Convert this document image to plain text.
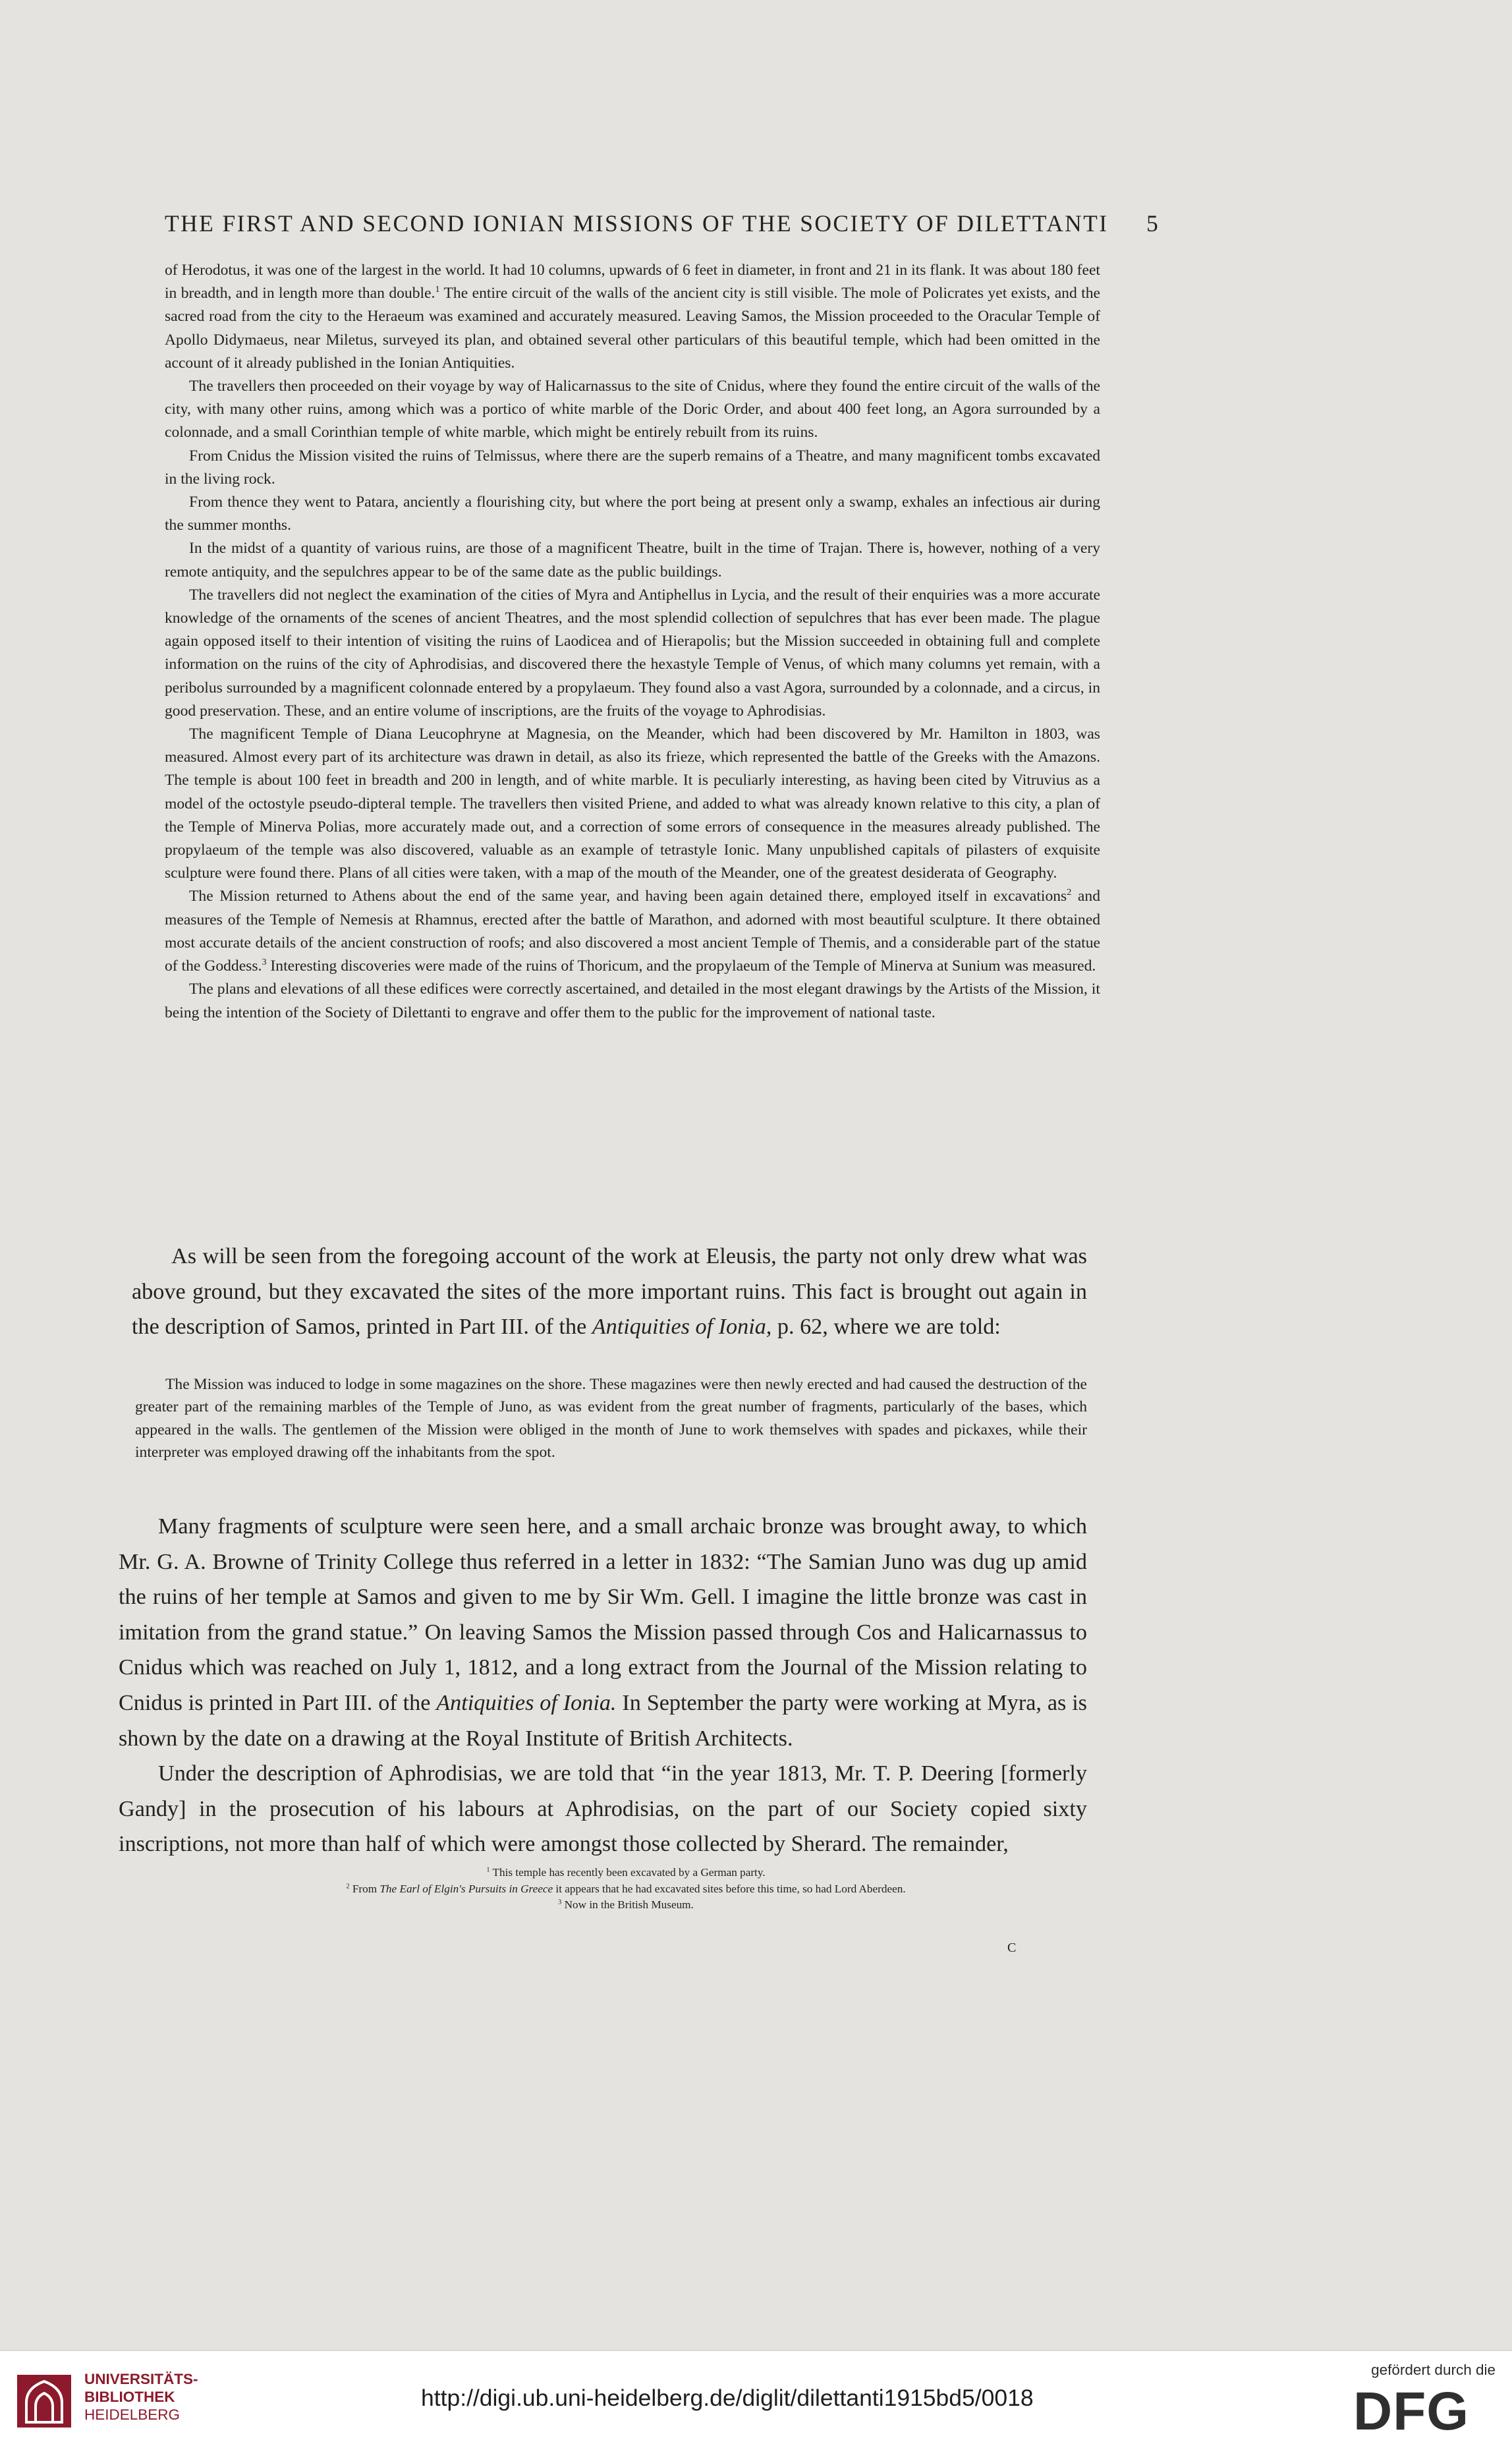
THE FIRST AND SECOND IONIAN MISSIONS OF THE SOCIETY OF DILETTANTI 5

of Herodotus, it was one of the largest in the world. It had 10 columns, upwards of 6 feet in diameter, in front and 21 in its flank. It was about 180 feet in breadth, and in length more than double.$^1$ The entire circuit of the walls of the ancient city is still visible. The mole of Policrates yet exists, and the sacred road from the city to the Heraeum was examined and accurately measured. Leaving Samos, the Mission proceeded to the Oracular Temple of Apollo Didymaeus, near Miletus, surveyed its plan, and obtained several other particulars of this beautiful temple, which had been omitted in the account of it already published in the Ionian Antiquities.

The travellers then proceeded on their voyage by way of Halicarnassus to the site of Cnidus, where they found the entire circuit of the walls of the city, with many other ruins, among which was a portico of white marble of the Doric Order, and about 400 feet long, an Agora surrounded by a colonnade, and a small Corinthian temple of white marble, which might be entirely rebuilt from its ruins.

From Cnidus the Mission visited the ruins of Telmissus, where there are the superb remains of a Theatre, and many magnificent tombs excavated in the living rock.

From thence they went to Patara, anciently a flourishing city, but where the port being at present only a swamp, exhales an infectious air during the summer months.

In the midst of a quantity of various ruins, are those of a magnificent Theatre, built in the time of Trajan. There is, however, nothing of a very remote antiquity, and the sepulchres appear to be of the same date as the public buildings.

The travellers did not neglect the examination of the cities of Myra and Antiphellus in Lycia, and the result of their enquiries was a more accurate knowledge of the ornaments of the scenes of ancient Theatres, and the most splendid collection of sepulchres that has ever been made. The plague again opposed itself to their intention of visiting the ruins of Laodicea and of Hierapolis; but the Mission succeeded in obtaining full and complete information on the ruins of the city of Aphrodisias, and discovered there the hexastyle Temple of Venus, of which many columns yet remain, with a peribolus surrounded by a magnificent colonnade entered by a propylaeum. They found also a vast Agora, surrounded by a colonnade, and a circus, in good preservation. These, and an entire volume of inscriptions, are the fruits of the voyage to Aphrodisias.

The magnificent Temple of Diana Leucophryne at Magnesia, on the Meander, which had been discovered by Mr. Hamilton in 1803, was measured. Almost every part of its architecture was drawn in detail, as also its frieze, which represented the battle of the Greeks with the Amazons. The temple is about 100 feet in breadth and 200 in length, and of white marble. It is peculiarly interesting, as having been cited by Vitruvius as a model of the octostyle pseudo-dipteral temple. The travellers then visited Priene, and added to what was already known relative to this city, a plan of the Temple of Minerva Polias, more accurately made out, and a correction of some errors of consequence in the measures already published. The propylaeum of the temple was also discovered, valuable as an example of tetrastyle Ionic. Many unpublished capitals of pilasters of exquisite sculpture were found there. Plans of all cities were taken, with a map of the mouth of the Meander, one of the greatest desiderata of Geography.

The Mission returned to Athens about the end of the same year, and having been again detained there, employed itself in excavations$^2$ and measures of the Temple of Nemesis at Rhamnus, erected after the battle of Marathon, and adorned with most beautiful sculpture. It there obtained most accurate details of the ancient construction of roofs; and also discovered a most ancient Temple of Themis, and a considerable part of the statue of the Goddess.$^3$ Interesting discoveries were made of the ruins of Thoricum, and the propylaeum of the Temple of Minerva at Sunium was measured.

The plans and elevations of all these edifices were correctly ascertained, and detailed in the most elegant drawings by the Artists of the Mission, it being the intention of the Society of Dilettanti to engrave and offer them to the public for the improvement of national taste.

As will be seen from the foregoing account of the work at Eleusis, the party not only drew what was above ground, but they excavated the sites of the more important ruins. This fact is brought out again in the description of Samos, printed in Part III. of the Antiquities of Ionia, p. 62, where we are told:

The Mission was induced to lodge in some magazines on the shore. These magazines were then newly erected and had caused the destruction of the greater part of the remaining marbles of the Temple of Juno, as was evident from the great number of fragments, particularly of the bases, which appeared in the walls. The gentlemen of the Mission were obliged in the month of June to work themselves with spades and pickaxes, while their interpreter was employed drawing off the inhabitants from the spot.

Many fragments of sculpture were seen here, and a small archaic bronze was brought away, to which Mr. G. A. Browne of Trinity College thus referred in a letter in 1832: “The Samian Juno was dug up amid the ruins of her temple at Samos and given to me by Sir Wm. Gell. I imagine the little bronze was cast in imitation from the grand statue.” On leaving Samos the Mission passed through Cos and Halicarnassus to Cnidus which was reached on July 1, 1812, and a long extract from the Journal of the Mission relating to Cnidus is printed in Part III. of the Antiquities of Ionia. In September the party were working at Myra, as is shown by the date on a drawing at the Royal Institute of British Architects.

Under the description of Aphrodisias, we are told that “in the year 1813, Mr. T. P. Deering [formerly Gandy] in the prosecution of his labours at Aphrodisias, on the part of our Society copied sixty inscriptions, not more than half of which were amongst those collected by Sherard. The remainder,

$^1$ This temple has recently been excavated by a German party.
$^2$ From The Earl of Elgin's Pursuits in Greece it appears that he had excavated sites before this time, so had Lord Aberdeen.
$^3$ Now in the British Museum.
C
UNIVERSITÄTS-
BIBLIOTHEK
HEIDELBERG
http://digi.ub.uni-heidelberg.de/diglit/dilettanti1915bd5/0018
gefördert durch die
DFG
